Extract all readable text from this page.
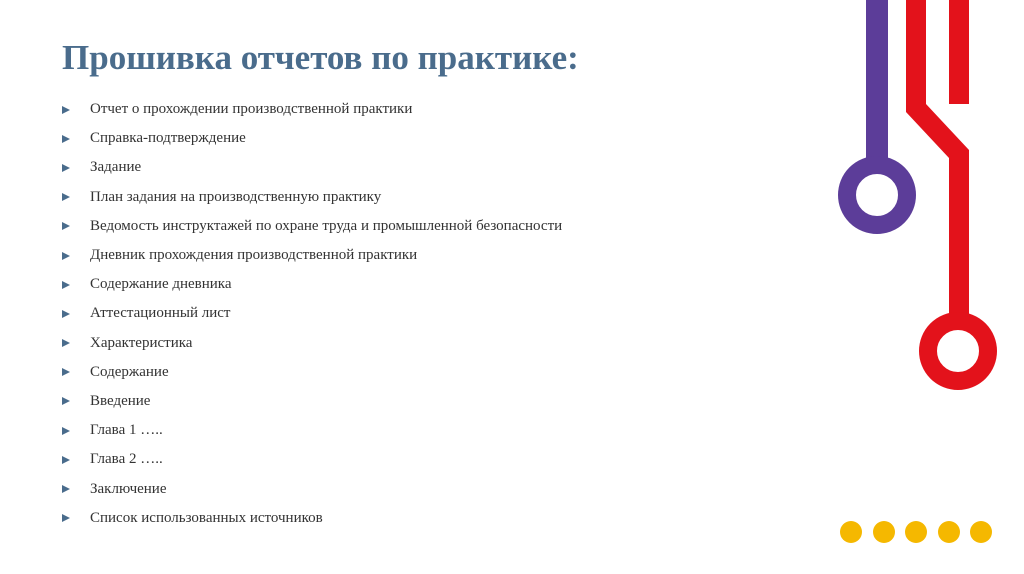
Прошивка отчетов по практике:
Отчет о прохождении производственной практики
Справка-подтверждение
Задание
План задания на производственную практику
Ведомость инструктажей по охране труда и промышленной безопасности
Дневник прохождения производственной практики
Содержание дневника
Аттестационный лист
Характеристика
Содержание
Введение
Глава 1 …..
Глава 2 …..
Заключение
Список использованных источников
